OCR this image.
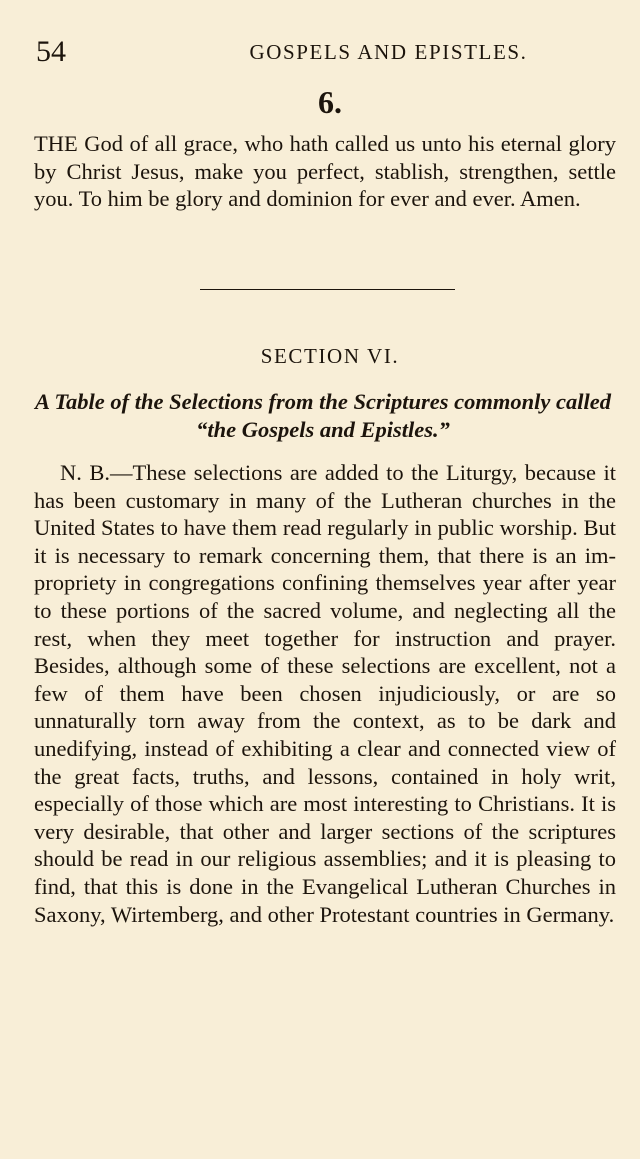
54	GOSPELS AND EPISTLES.
6.

THE God of all grace, who hath called us unto his eternal glory by Christ Jesus, make you perfect, stablish, strengthen, settle you. To him be glory and dominion for ever and ever. Amen.

SECTION VI.

A Table of the Selections from the Scriptures commonly called “the Gospels and Epistles.”

N. B.—These selections are added to the Liturgy, because it has been customary in many of the Lutheran churches in the United States to have them read regularly in public worship. But it is necessary to remark concerning them, that there is an impropriety in congregations confining themselves year after year to these portions of the sacred volume, and neglecting all the rest, when they meet together for instruction and prayer. Besides, although some of these selections are excellent, not a few of them have been chosen injudiciously, or are so unnaturally torn away from the context, as to be dark and unedifying, instead of exhibiting a clear and connected view of the great facts, truths, and lessons, contained in holy writ, especially of those which are most interesting to Christians. It is very desirable, that other and larger sections of the scriptures should be read in our religious assemblies; and it is pleasing to find, that this is done in the Evangelical Lutheran Churches in Saxony, Wirtemberg, and other Protestant countries in Germany.
